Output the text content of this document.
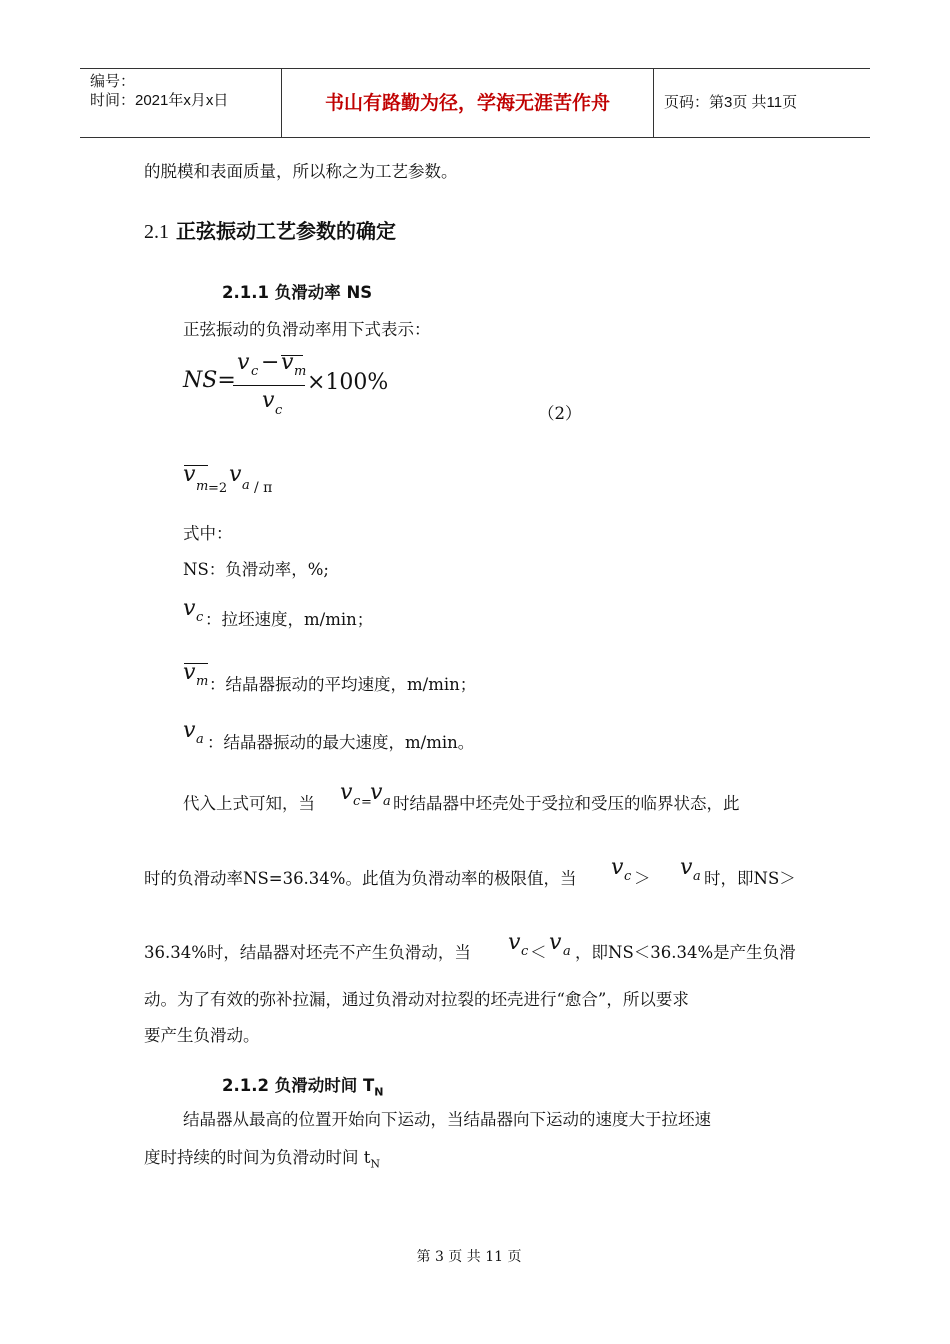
编号：
时间：2021年x月x日	书山有路勤为径，学海无涯苦作舟	页码：第3页 共11页
的脱模和表面质量，所以称之为工艺参数。
2.1 正弦振动工艺参数的确定
2.1.1 负滑动率 NS
正弦振动的负滑动率用下式表示：
NS=
v c − v m
v c
×100%
（2）
v m =2
v a / π
式中：
NS：负滑动率，%;
v c ：拉坯速度，m/min；
v m ：结晶器振动的平均速度，m/min；
v a ：结晶器振动的最大速度，m/min。
代入上式可知，当 v c =
v a 时结晶器中坯壳处于受拉和受压的临界状态，此
时的负滑动率NS=36.34%。此值为负滑动率的极限值，当 v c ＞ v a 时，即NS＞
36.34%时，结晶器对坯壳不产生负滑动，当 v c ＜ v a ，即NS＜36.34%是产生负滑
动。为了有效的弥补拉漏，通过负滑动对拉裂的坯壳进行“愈合”，所以要求
要产生负滑动。
2.1.2 负滑动时间 $T_N$
结晶器从最高的位置开始向下运动，当结晶器向下运动的速度大于拉坯速
度时持续的时间为负滑动时间 $t_N$
第 3 页 共 11 页
